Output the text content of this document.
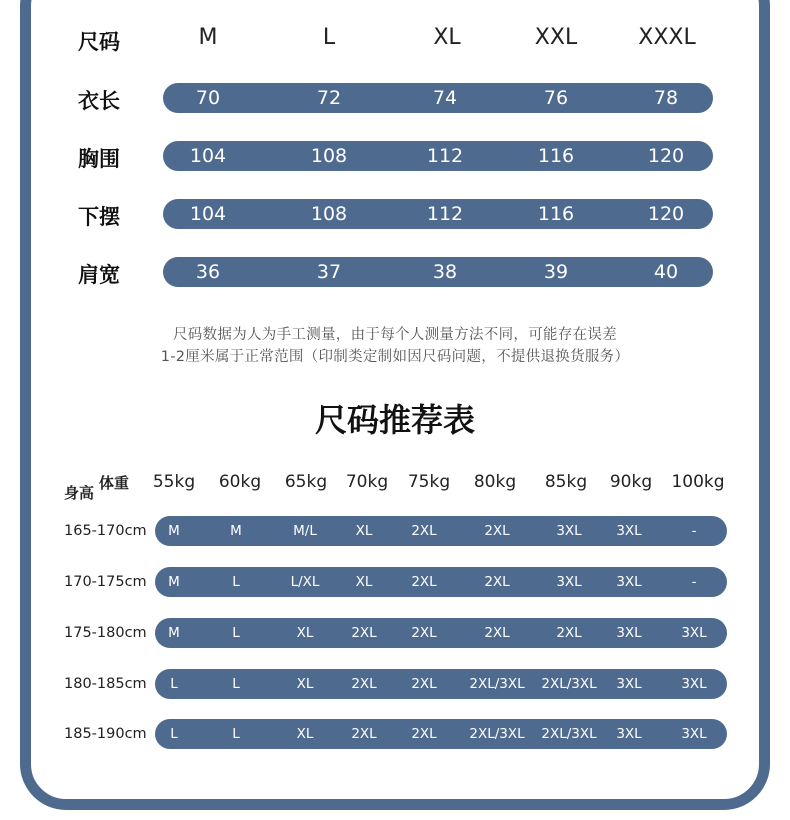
尺码	M	L	XL	XXL	XXXL
衣长	70	72	74	76	78
胸围	104	108	112	116	120
下摆	104	108	112	116	120
肩宽	36	37	38	39	40
尺码数据为人为手工测量，由于每个人测量方法不同，可能存在误差
1-2厘米属于正常范围（印制类定制如因尺码问题，不提供退换货服务）
尺码推荐表
身高
体重 55kg 60kg 65kg 70kg 75kg 80kg 85kg 90kg 100kg
165-170cm M	M	M/L	XL	2XL	2XL	3XL	3XL	-
170-175cm M	L	L/XL	XL	2XL	2XL	3XL	3XL	-
175-180cm M	L	XL	2XL	2XL	2XL	2XL	3XL	3XL
180-185cm L	L	XL	2XL	2XL 2XL/3XL 2XL/3XL 3XL	3XL
185-190cm L	L	XL	2XL	2XL 2XL/3XL 2XL/3XL 3XL	3XL
